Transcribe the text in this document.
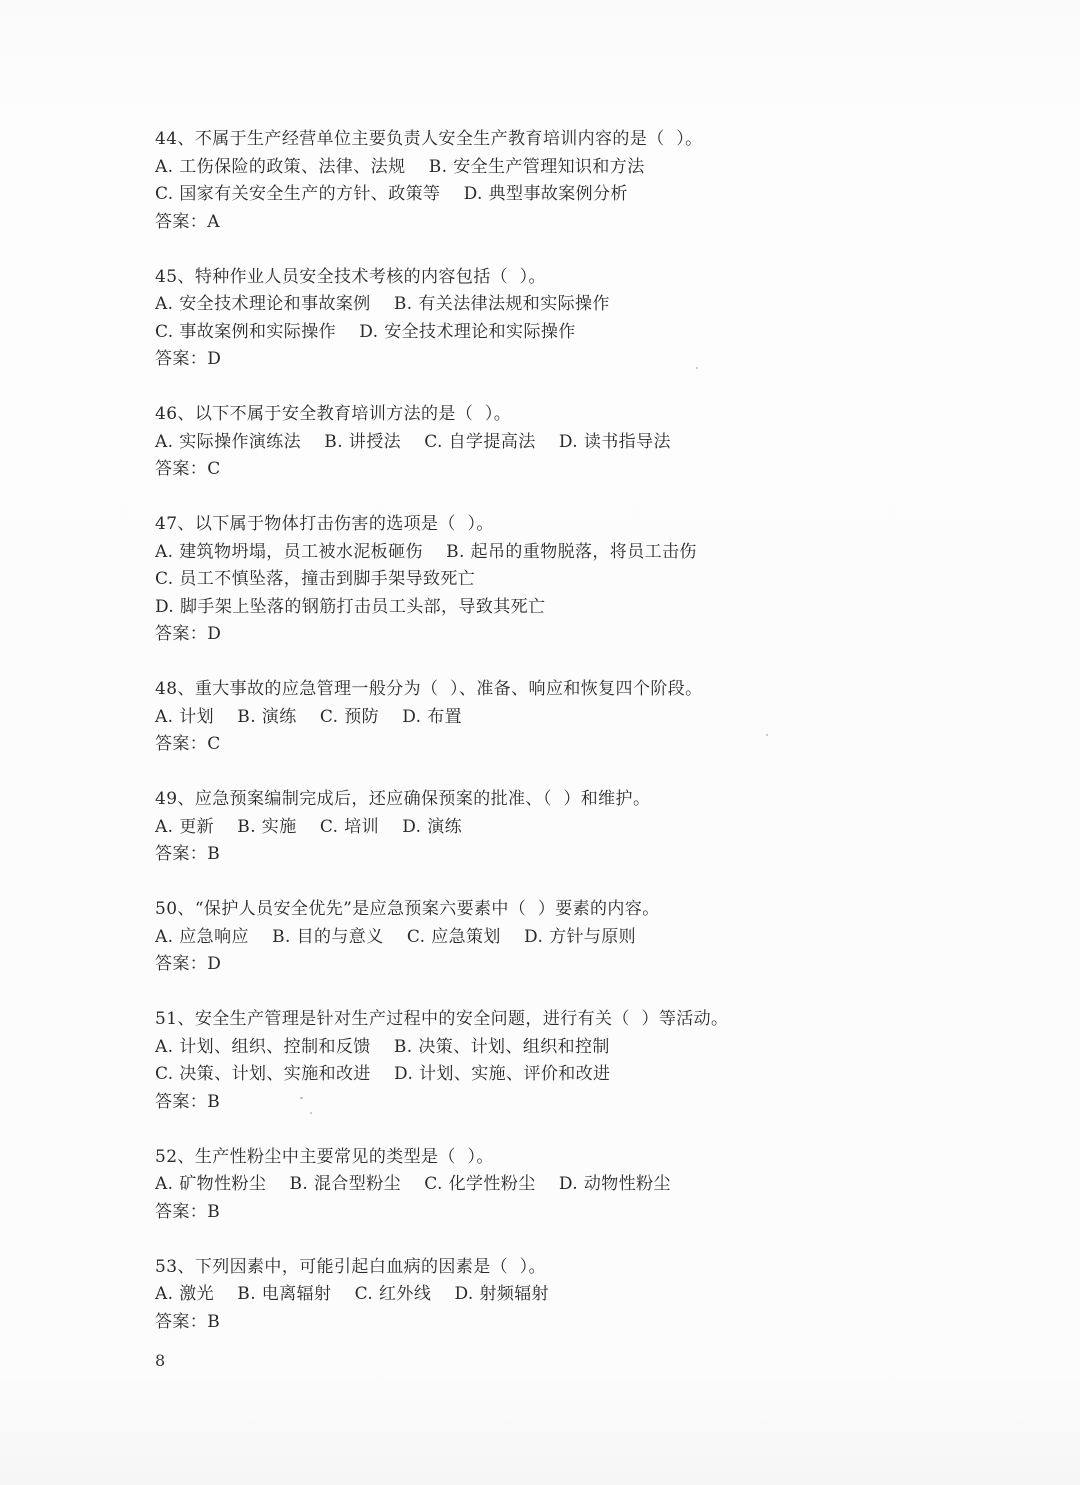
44、不属于生产经营单位主要负责人安全生产教育培训内容的是（  ）。
A. 工伤保险的政策、法律、法规    B. 安全生产管理知识和方法
C. 国家有关安全生产的方针、政策等    D. 典型事故案例分析
答案：A
45、特种作业人员安全技术考核的内容包括（  ）。
A. 安全技术理论和事故案例    B. 有关法律法规和实际操作
C. 事故案例和实际操作    D. 安全技术理论和实际操作
答案：D
46、以下不属于安全教育培训方法的是（  ）。
A. 实际操作演练法    B. 讲授法    C. 自学提高法    D. 读书指导法
答案：C
47、以下属于物体打击伤害的选项是（  ）。
A. 建筑物坍塌，员工被水泥板砸伤    B. 起吊的重物脱落，将员工击伤
C. 员工不慎坠落，撞击到脚手架导致死亡
D. 脚手架上坠落的钢筋打击员工头部，导致其死亡
答案：D
48、重大事故的应急管理一般分为（  ）、准备、响应和恢复四个阶段。
A. 计划    B. 演练    C. 预防    D. 布置
答案：C
49、应急预案编制完成后，还应确保预案的批准、（  ）和维护。
A. 更新    B. 实施    C. 培训    D. 演练
答案：B
50、“保护人员安全优先”是应急预案六要素中（  ）要素的内容。
A. 应急响应    B. 目的与意义    C. 应急策划    D. 方针与原则
答案：D
51、安全生产管理是针对生产过程中的安全问题，进行有关（  ）等活动。
A. 计划、组织、控制和反馈    B. 决策、计划、组织和控制
C. 决策、计划、实施和改进    D. 计划、实施、评价和改进
答案：B
52、生产性粉尘中主要常见的类型是（  ）。
A. 矿物性粉尘    B. 混合型粉尘    C. 化学性粉尘    D. 动物性粉尘
答案：B
53、下列因素中，可能引起白血病的因素是（  ）。
A. 激光    B. 电离辐射    C. 红外线    D. 射频辐射
答案：B
8
